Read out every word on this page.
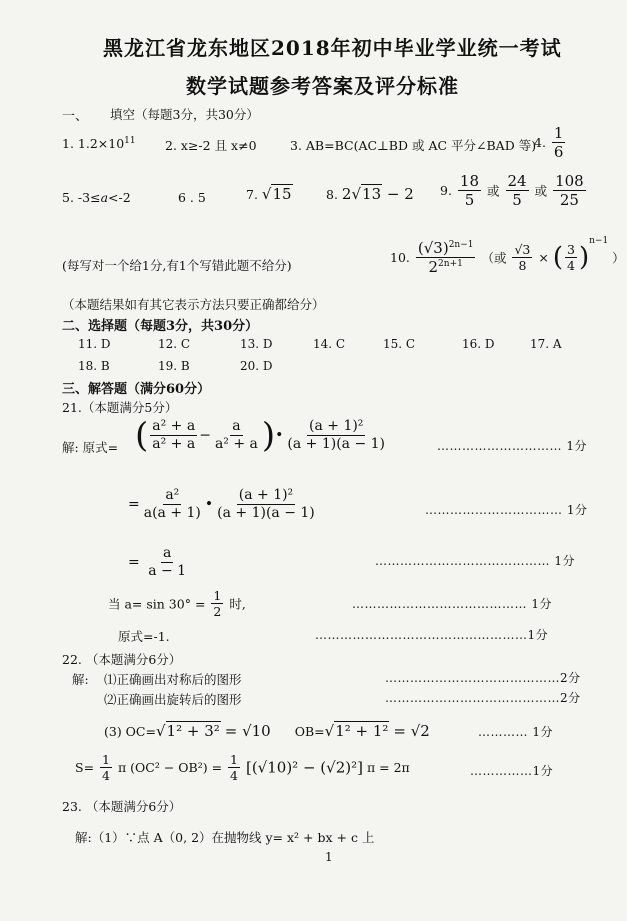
黑龙江省龙东地区2018年初中毕业学业统一考试
数学试题参考答案及评分标准
一、 填空（每题3分，共30分）
1. $1.2\times 10^{11}$ 2. x≥-2 且 x≠0	3. AB=BC(AC⊥BD 或 AC 平分∠BAD 等)
4. $\frac{1}{6}$
5. -3≤a<-2	6 . 5	7. √15	8. 2√13 − 2 9. $\frac{18}{5}$ 或 $\frac{24}{5}$ 或 $\frac{108}{25}$
(每写对一个给1分,有1个写错此题不给分)
10. $\frac{(√3)^{2n-1}}{2^{2n+1}}$ （或 $\frac{√3}{8}$ × ( $\frac{3}{4} )^{n-1}$ ）
（本题结果如有其它表示方法只要正确都给分）
二、选择题（每题3分，共30分）
11. D	12. C	13. D	14. C	15. C	16. D	17. A
18. B	19. B	20. D
三、解答题（满分60分）
21.（本题满分5分）
解: 原式= ( $\frac{\text{a² + a}}{\text{a² + a}} - \frac{a}{\text{a² + a}}$ )• $\frac{\text{(a + 1)²}}{(a + 1)(a - 1)}$	………………………… 1分
= $\frac{\text{a²}}{a(a + 1)}$ • $\frac{\text{(a + 1)²}}{(a + 1)(a - 1)}$	…………………………… 1分
= $\frac{a}{a - 1}$	…………………………………… 1分
当 $a= \sin 30^\circ = \frac{1}{2}$ 时,	…………………………………… 1分
原式=-1.	……………………………………………1分
22. （本题满分6分）
解: ⑴正确画出对称后的图形	……………………………………2分
⑵正确画出旋转后的图形	……………………………………2分
(3) OC=√1² + 3² = √10 OB=√1² + 1² = √2	………… 1分
$S= \frac{1}{4}$ π $(OC^2 - OB^2) = \frac{1}{4} [(√10)^2 - (√2)^2] \pi = 2\pi$	……………1分
23. （本题满分6分）
解:（1）∵点 A（0, 2）在抛物线 y= x² + bx + c 上
1
